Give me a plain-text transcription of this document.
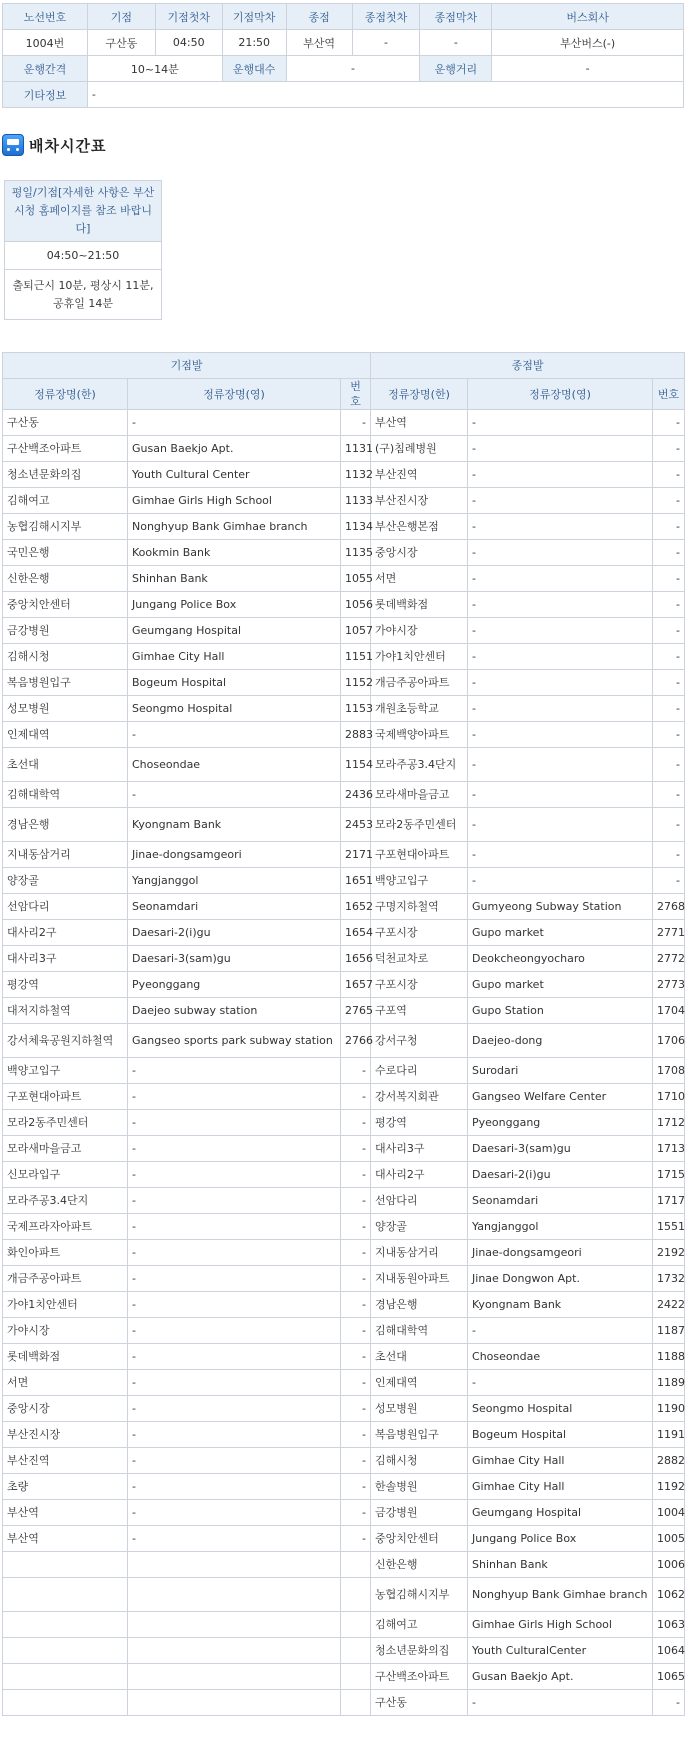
노선번호	기점	기점첫차	기점막차	종점	종점첫차	종점막차	버스회사
1004번	구산동	04:50	21:50	부산역	-	-	부산버스(-)
운행간격	10~14분		운행대수	-		운행거리	-
기타정보	-						
배차시간표
평일/기점[자세한 사항은 부산시청 홈페이지를 참조 바랍니다]
04:50~21:50
출퇴근시 10분, 평상시 11분, 공휴일 14분
기점발			종점발		
정류장명(한)	정류장명(영)	번호	정류장명(한)	정류장명(영)	번호
구산동	-	-	부산역	-	-
구산백조아파트	Gusan Baekjo Apt.	1131	(구)침례병원	-	-
청소년문화의집	Youth Cultural Center	1132	부산진역	-	-
김해여고	Gimhae Girls High School	1133	부산진시장	-	-
농협김해시지부	Nonghyup Bank Gimhae branch	1134	부산은행본점	-	-
국민은행	Kookmin Bank	1135	중앙시장	-	-
신한은행	Shinhan Bank	1055	서면	-	-
중앙치안센터	Jungang Police Box	1056	롯데백화점	-	-
금강병원	Geumgang Hospital	1057	가야시장	-	-
김해시청	Gimhae City Hall	1151	가야1치안센터	-	-
복음병원입구	Bogeum Hospital	1152	개금주공아파트	-	-
성모병원	Seongmo Hospital	1153	개원초등학교	-	-
인제대역	-	2883	국제백양아파트	-	-
초선대	Choseondae	1154	모라주공3.4단지	-	-
김해대학역	-	2436	모라새마을금고	-	-
경남은행	Kyongnam Bank	2453	모라2동주민센터	-	-
지내동삼거리	Jinae-dongsamgeori	2171	구포현대아파트	-	-
양장골	Yangjanggol	1651	백양고입구	-	-
선암다리	Seonamdari	1652	구명지하철역	Gumyeong Subway Station	2768
대사리2구	Daesari-2(i)gu	1654	구포시장	Gupo market	2771
대사리3구	Daesari-3(sam)gu	1656	덕천교차로	Deokcheongyocharo	2772
평강역	Pyeonggang	1657	구포시장	Gupo market	2773
대저지하철역	Daejeo subway station	2765	구포역	Gupo Station	1704
강서체육공원지하철역	Gangseo sports park subway station	2766	강서구청	Daejeo-dong	1706
백양고입구	-	-	수로다리	Surodari	1708
구포현대아파트	-	-	강서복지회관	Gangseo Welfare Center	1710
모라2동주민센터	-	-	평강역	Pyeonggang	1712
모라새마을금고	-	-	대사리3구	Daesari-3(sam)gu	1713
신모라입구	-	-	대사리2구	Daesari-2(i)gu	1715
모라주공3.4단지	-	-	선암다리	Seonamdari	1717
국제프라자아파트	-	-	양장골	Yangjanggol	1551
화인아파트	-	-	지내동삼거리	Jinae-dongsamgeori	2192
개금주공아파트	-	-	지내동원아파트	Jinae Dongwon Apt.	1732
가야1치안센터	-	-	경남은행	Kyongnam Bank	2422
가야시장	-	-	김해대학역	-	1187
롯데백화점	-	-	초선대	Choseondae	1188
서면	-	-	인제대역	-	1189
중앙시장	-	-	성모병원	Seongmo Hospital	1190
부산진시장	-	-	복음병원입구	Bogeum Hospital	1191
부산진역	-	-	김해시청	Gimhae City Hall	2882
초량	-	-	한솔병원	Gimhae City Hall	1192
부산역	-	-	금강병원	Geumgang Hospital	1004
부산역	-	-	중앙치안센터	Jungang Police Box	1005
			신한은행	Shinhan Bank	1006
			농협김해시지부	Nonghyup Bank Gimhae branch	1062
			김해여고	Gimhae Girls High School	1063
			청소년문화의집	Youth CulturalCenter	1064
			구산백조아파트	Gusan Baekjo Apt.	1065
			구산동	-	-
